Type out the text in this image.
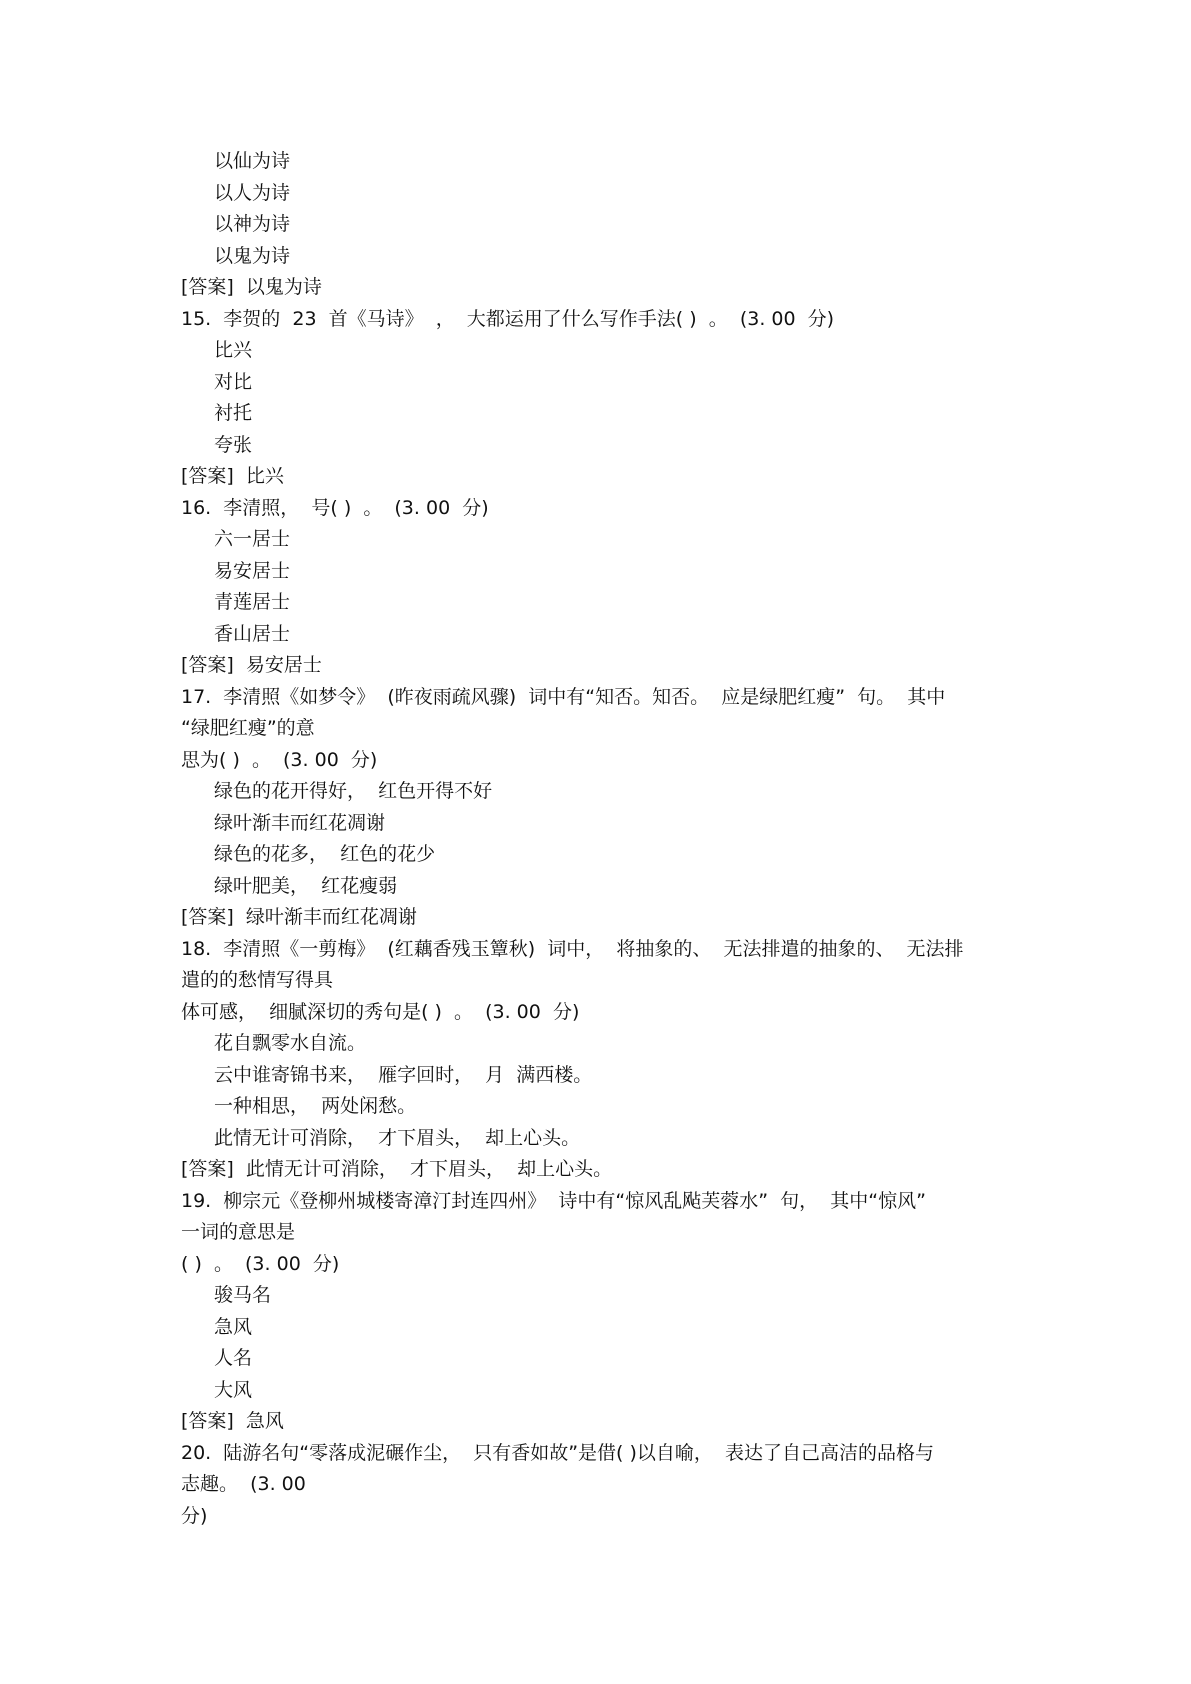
以仙为诗

以人为诗

以神为诗

以鬼为诗

[答案]  以鬼为诗

15.  李贺的  23  首《马诗》  ，  大都运用了什么写作手法( )  。  (3. 00  分)

比兴

对比

衬托

夸张

[答案]  比兴

16.  李清照，  号( )  。  (3. 00  分)

六一居士

易安居士

青莲居士

香山居士

[答案]  易安居士

17.  李清照《如梦令》  (昨夜雨疏风骤)  词中有“知否。知否。  应是绿肥红瘦”  句。  其中

“绿肥红瘦”的意

思为( )  。  (3. 00  分)

绿色的花开得好，  红色开得不好

绿叶渐丰而红花凋谢

绿色的花多，  红色的花少

绿叶肥美，  红花瘦弱

[答案]  绿叶渐丰而红花凋谢

18.  李清照《一剪梅》  (红藕香残玉簟秋)  词中，  将抽象的、  无法排遣的抽象的、  无法排

遣的的愁情写得具

体可感，  细腻深切的秀句是( )  。  (3. 00  分)

花自飘零水自流。

云中谁寄锦书来，  雁字回时，  月  满西楼。

一种相思，  两处闲愁。

此情无计可消除，  才下眉头，  却上心头。

[答案]  此情无计可消除，  才下眉头，  却上心头。

19.  柳宗元《登柳州城楼寄漳汀封连四州》  诗中有“惊风乱飐芙蓉水”  句，  其中“惊风”

一词的意思是

( )  。  (3. 00  分)

骏马名

急风

人名

大风

[答案]  急风

20.  陆游名句“零落成泥碾作尘，  只有香如故”是借( )以自喻，  表达了自己高洁的品格与

志趣。  (3. 00

分)
